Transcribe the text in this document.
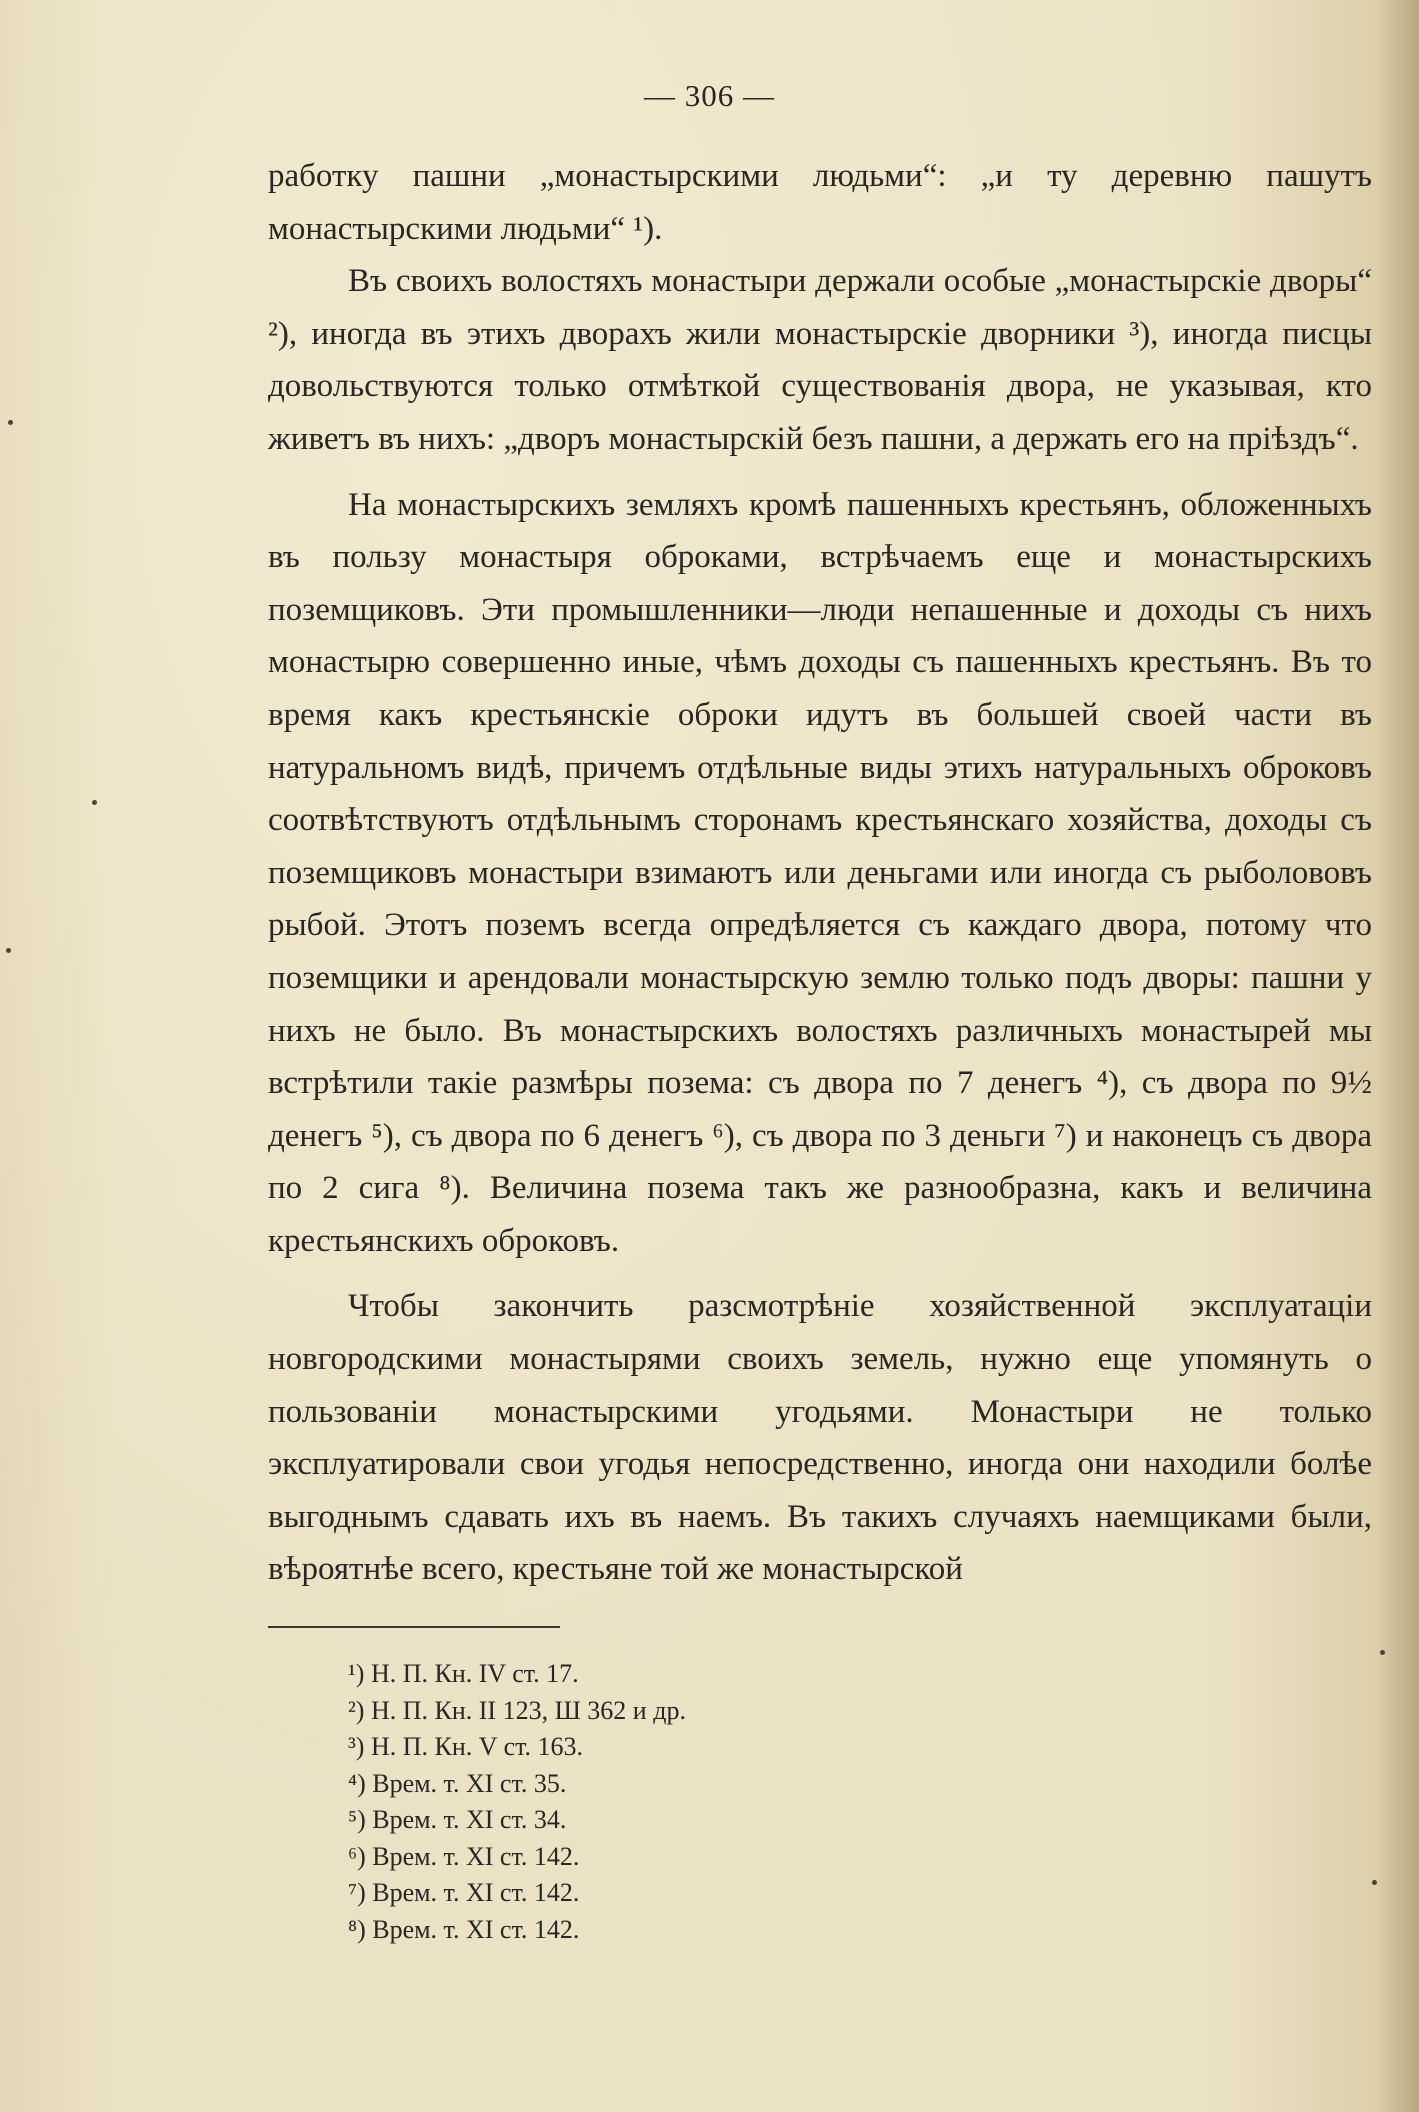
— 306 —

работку пашни „монастырскими людьми“: „и ту деревню пашутъ монастырскими людьми“ ¹).

Въ своихъ волостяхъ монастыри держали особые „монастырскіе дворы“ ²), иногда въ этихъ дворахъ жили монастырскіе дворники ³), иногда писцы довольствуются только отмѣткой существованія двора, не указывая, кто живетъ въ нихъ: „дворъ монастырскій безъ пашни, а держать его на пріѣздъ“.

На монастырскихъ земляхъ кромѣ пашенныхъ крестьянъ, обложенныхъ въ пользу монастыря оброками, встрѣчаемъ еще и монастырскихъ поземщиковъ. Эти промышленники—люди непашенные и доходы съ нихъ монастырю совершенно иные, чѣмъ доходы съ пашенныхъ крестьянъ. Въ то время какъ крестьянскіе оброки идутъ въ большей своей части въ натуральномъ видѣ, причемъ отдѣльные виды этихъ натуральныхъ оброковъ соотвѣтствуютъ отдѣльнымъ сторонамъ крестьянскаго хозяйства, доходы съ поземщиковъ монастыри взимаютъ или деньгами или иногда съ рыболововъ рыбой. Этотъ поземъ всегда опредѣляется съ каждаго двора, потому что поземщики и арендовали монастырскую землю только подъ дворы: пашни у нихъ не было. Въ монастырскихъ волостяхъ различныхъ монастырей мы встрѣтили такіе размѣры позема: съ двора по 7 денегъ ⁴), съ двора по 9½ денегъ ⁵), съ двора по 6 денегъ ⁶), съ двора по 3 деньги ⁷) и наконецъ съ двора по 2 сига ⁸). Величина позема такъ же разнообразна, какъ и величина крестьянскихъ оброковъ.

Чтобы закончить разсмотрѣніе хозяйственной эксплуатаціи новгородскими монастырями своихъ земель, нужно еще упомянуть о пользованіи монастырскими угодьями. Монастыри не только эксплуатировали свои угодья непосредственно, иногда они находили болѣе выгоднымъ сдавать ихъ въ наемъ. Въ такихъ случаяхъ наемщиками были, вѣроятнѣе всего, крестьяне той же монастырской

¹) Н. П. Кн. IV ст. 17.
²) Н. П. Кн. II 123, Ш 362 и др.
³) Н. П. Кн. V ст. 163.
⁴) Врем. т. XI ст. 35.
⁵) Врем. т. XI ст. 34.
⁶) Врем. т. XI ст. 142.
⁷) Врем. т. XI ст. 142.
⁸) Врем. т. XI ст. 142.
